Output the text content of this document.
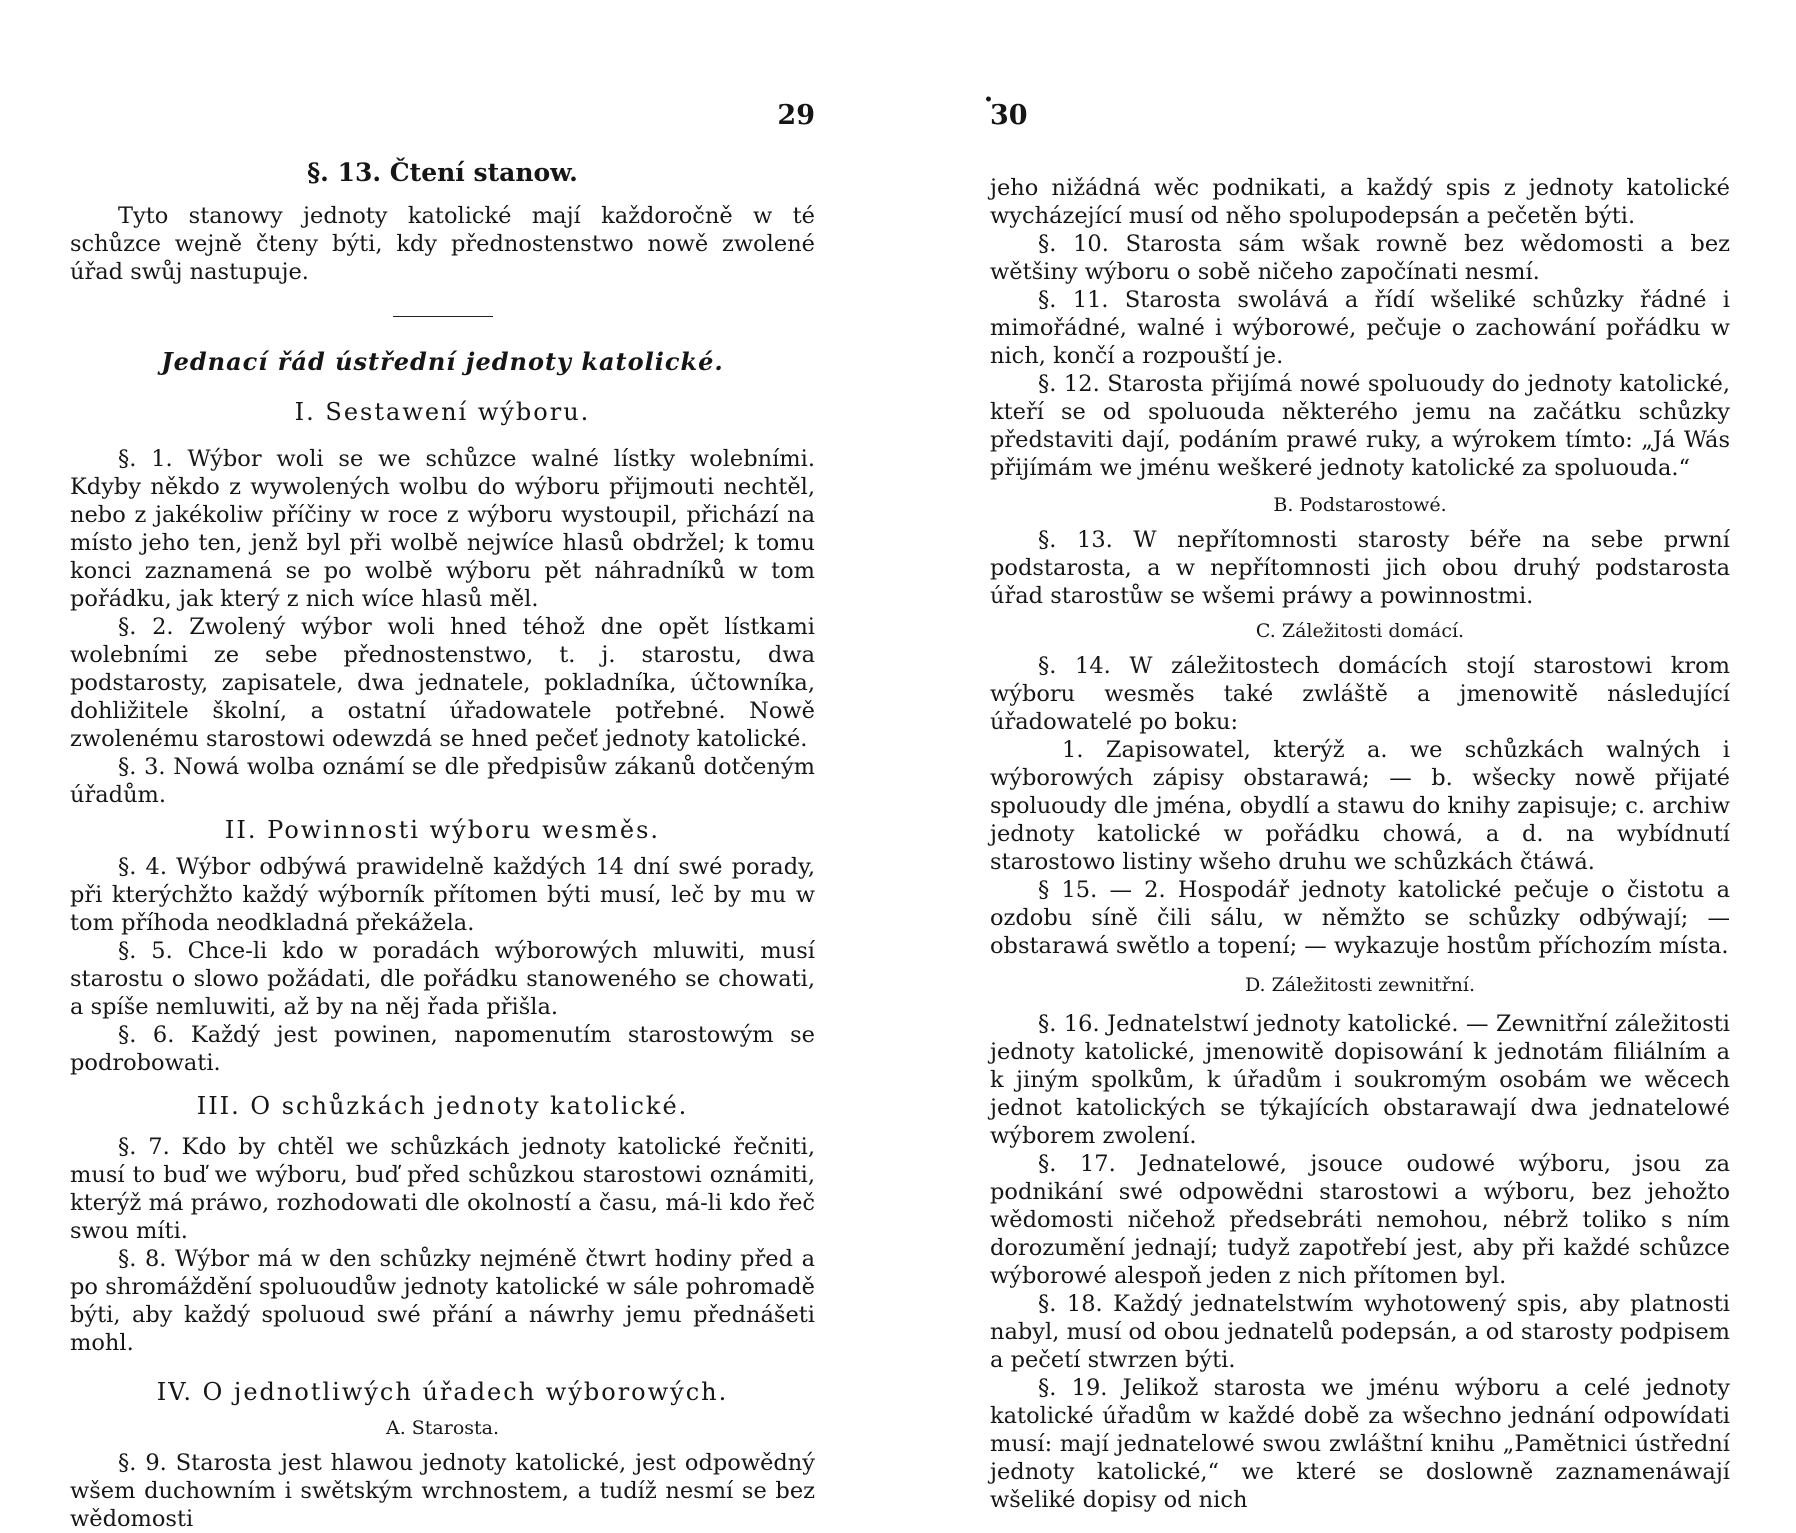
29
§. 13. Čtení stanow.

Tyto stanowy jednoty katolické mají každoročně w té schůzce wejně čteny býti, kdy přednostenstwo nowě zwolené úřad swůj nastupuje.

Jednací řád ústřední jednoty katolické.
I. Sestawení wýboru.

§. 1. Wýbor woli se we schůzce walné lístky wolebními. Kdyby někdo z wywolených wolbu do wýboru přijmouti nechtěl, nebo z jakékoliw příčiny w roce z wýboru wystoupil, přichází na místo jeho ten, jenž byl při wolbě nejwíce hlasů obdržel; k tomu konci zaznamená se po wolbě wýboru pět náhradníků w tom pořádku, jak který z nich wíce hlasů měl.

§. 2. Zwolený wýbor woli hned téhož dne opět lístkami wolebními ze sebe přednostenstwo, t. j. starostu, dwa podstarosty, zapisatele, dwa jednatele, pokladníka, účtowníka, dohližitele školní, a ostatní úřadowatele potřebné. Nowě zwolenému starostowi odewzdá se hned pečeť jednoty katolické.

§. 3. Nowá wolba oznámí se dle předpisůw zákanů dotčeným úřadům.

II. Powinnosti wýboru wesměs.

§. 4. Wýbor odbýwá prawidelně každých 14 dní swé porady, při kterýchžto každý wýborník přítomen býti musí, leč by mu w tom příhoda neodkladná překážela.

§. 5. Chce-li kdo w poradách wýborowých mluwiti, musí starostu o slowo požádati, dle pořádku stanoweného se chowati, a spíše nemluwiti, až by na něj řada přišla.

§. 6. Každý jest powinen, napomenutím starostowým se podrobowati.

III. O schůzkách jednoty katolické.

§. 7. Kdo by chtěl we schůzkách jednoty katolické řečniti, musí to buď we wýboru, buď před schůzkou starostowi oznámiti, kterýž má práwo, rozhodowati dle okolností a času, má-li kdo řeč swou míti.

§. 8. Wýbor má w den schůzky nejméně čtwrt hodiny před a po shromáždění spoluoudůw jednoty katolické w sále pohromadě býti, aby každý spoluoud swé přání a náwrhy jemu přednášeti mohl.

IV. O jednotliwých úřadech wýborowých.
A. Starosta.

§. 9. Starosta jest hlawou jednoty katolické, jest odpowědný wšem duchowním i swětským wrchnostem, a tudíž nesmí se bez wědomosti

•
30

jeho nižádná wěc podnikati, a každý spis z jednoty katolické wycházející musí od něho spolupodepsán a pečetěn býti.

§. 10. Starosta sám wšak rowně bez wědomosti a bez wětšiny wýboru o sobě ničeho započínati nesmí.

§. 11. Starosta swolává a řídí wšeliké schůzky řádné i mimořádné, walné i wýborowé, pečuje o zachowání pořádku w nich, končí a rozpouští je.

§. 12. Starosta přijímá nowé spoluoudy do jednoty katolické, kteří se od spoluouda některého jemu na začátku schůzky představiti dají, podáním prawé ruky, a wýrokem tímto: „Já Wás přijímám we jménu weškeré jednoty katolické za spoluouda.“

B. Podstarostowé.

§. 13. W nepřítomnosti starosty béře na sebe prwní podstarosta, a w nepřítomnosti jich obou druhý podstarosta úřad starostůw se wšemi práwy a powinnostmi.

C. Záležitosti domácí.

§. 14. W záležitostech domácích stojí starostowi krom wýboru wesměs také zwláště a jmenowitě následující úřadowatelé po boku:

1. Zapisowatel, kterýž a. we schůzkách walných i wýborowých zápisy obstarawá; — b. wšecky nowě přijaté spoluoudy dle jména, obydlí a stawu do knihy zapisuje; c. archiw jednoty katolické w pořádku chowá, a d. na wybídnutí starostowo listiny wšeho druhu we schůzkách čtáwá.

§ 15. — 2. Hospodář jednoty katolické pečuje o čistotu a ozdobu síně čili sálu, w němžto se schůzky odbýwají; — obstarawá swětlo a topení; — wykazuje hostům příchozím místa.

D. Záležitosti zewnitřní.

§. 16. Jednatelstwí jednoty katolické. — Zewnitřní záležitosti jednoty katolické, jmenowitě dopisowání k jednotám filiálním a k jiným spolkům, k úřadům i soukromým osobám we wěcech jednot katolických se týkajících obstarawají dwa jednatelowé wýborem zwolení.

§. 17. Jednatelowé, jsouce oudowé wýboru, jsou za podnikání swé odpowědni starostowi a wýboru, bez jehožto wědomosti ničehož předsebráti nemohou, nébrž toliko s ním dorozumění jednají; tudyž zapotřebí jest, aby při každé schůzce wýborowé alespoň jeden z nich přítomen byl.

§. 18. Každý jednatelstwím wyhotowený spis, aby platnosti nabyl, musí od obou jednatelů podepsán, a od starosty podpisem a pečetí stwrzen býti.

§. 19. Jelikož starosta we jménu wýboru a celé jednoty katolické úřadům w každé době za wšechno jednání odpowídati musí: mají jednatelowé swou zwláštní knihu „Pamětnici ústřední jednoty katolické,“ we které se doslowně zaznamenáwají wšeliké dopisy od nich
